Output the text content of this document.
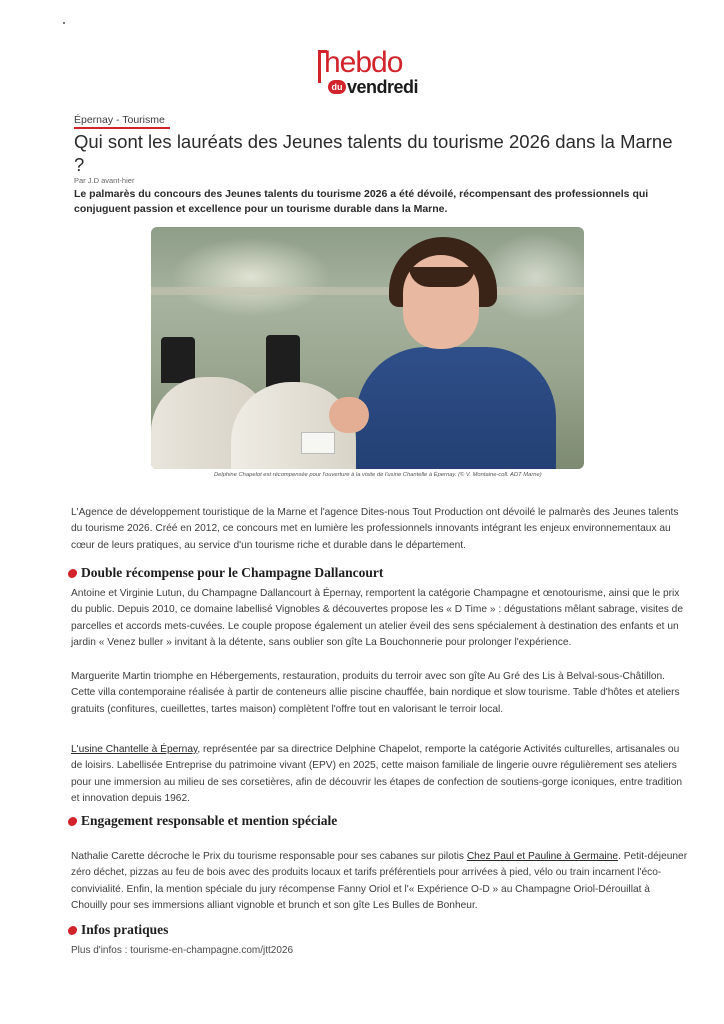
hebdo
du vendredi
Épernay - Tourisme
Qui sont les lauréats des Jeunes talents du tourisme 2026 dans la Marne ?
Par J.D avant-hier

Le palmarès du concours des Jeunes talents du tourisme 2026 a été dévoilé, récompensant des professionnels qui conjuguent passion et excellence pour un tourisme durable dans la Marne.

Delphine Chapelot est récompensée pour l'ouverture à la visite de l'usine Chantelle à Épernay. (© V. Montaine-coll. ADT Marne)

L'Agence de développement touristique de la Marne et l'agence Dites-nous Tout Production ont dévoilé le palmarès des Jeunes talents du tourisme 2026. Créé en 2012, ce concours met en lumière les professionnels innovants intégrant les enjeux environnementaux au cœur de leurs pratiques, au service d'un tourisme riche et durable dans le département.

Double récompense pour le Champagne Dallancourt

Antoine et Virginie Lutun, du Champagne Dallancourt à Épernay, remportent la catégorie Champagne et œnotourisme, ainsi que le prix du public. Depuis 2010, ce domaine labellisé Vignobles & découvertes propose les « D Time » : dégustations mêlant sabrage, visites de parcelles et accords mets-cuvées. Le couple propose également un atelier éveil des sens spécialement à destination des enfants et un jardin « Venez buller » invitant à la détente, sans oublier son gîte La Bouchonnerie pour prolonger l'expérience.

Marguerite Martin triomphe en Hébergements, restauration, produits du terroir avec son gîte Au Gré des Lis à Belval-sous-Châtillon. Cette villa contemporaine réalisée à partir de conteneurs allie piscine chauffée, bain nordique et slow tourisme. Table d'hôtes et ateliers gratuits (confitures, cueillettes, tartes maison) complètent l'offre tout en valorisant le terroir local.

L'usine Chantelle à Épernay, représentée par sa directrice Delphine Chapelot, remporte la catégorie Activités culturelles, artisanales ou de loisirs. Labellisée Entreprise du patrimoine vivant (EPV) en 2025, cette maison familiale de lingerie ouvre régulièrement ses ateliers pour une immersion au milieu de ses corsetières, afin de découvrir les étapes de confection de soutiens-gorge iconiques, entre tradition et innovation depuis 1962.

Engagement responsable et mention spéciale

Nathalie Carette décroche le Prix du tourisme responsable pour ses cabanes sur pilotis Chez Paul et Pauline à Germaine. Petit-déjeuner zéro déchet, pizzas au feu de bois avec des produits locaux et tarifs préférentiels pour arrivées à pied, vélo ou train incarnent l'éco-convivialité. Enfin, la mention spéciale du jury récompense Fanny Oriol et l'« Expérience O-D » au Champagne Oriol-Dérouillat à Chouilly pour ses immersions alliant vignoble et brunch et son gîte Les Bulles de Bonheur.

Infos pratiques
Plus d'infos : tourisme-en-champagne.com/jtt2026
